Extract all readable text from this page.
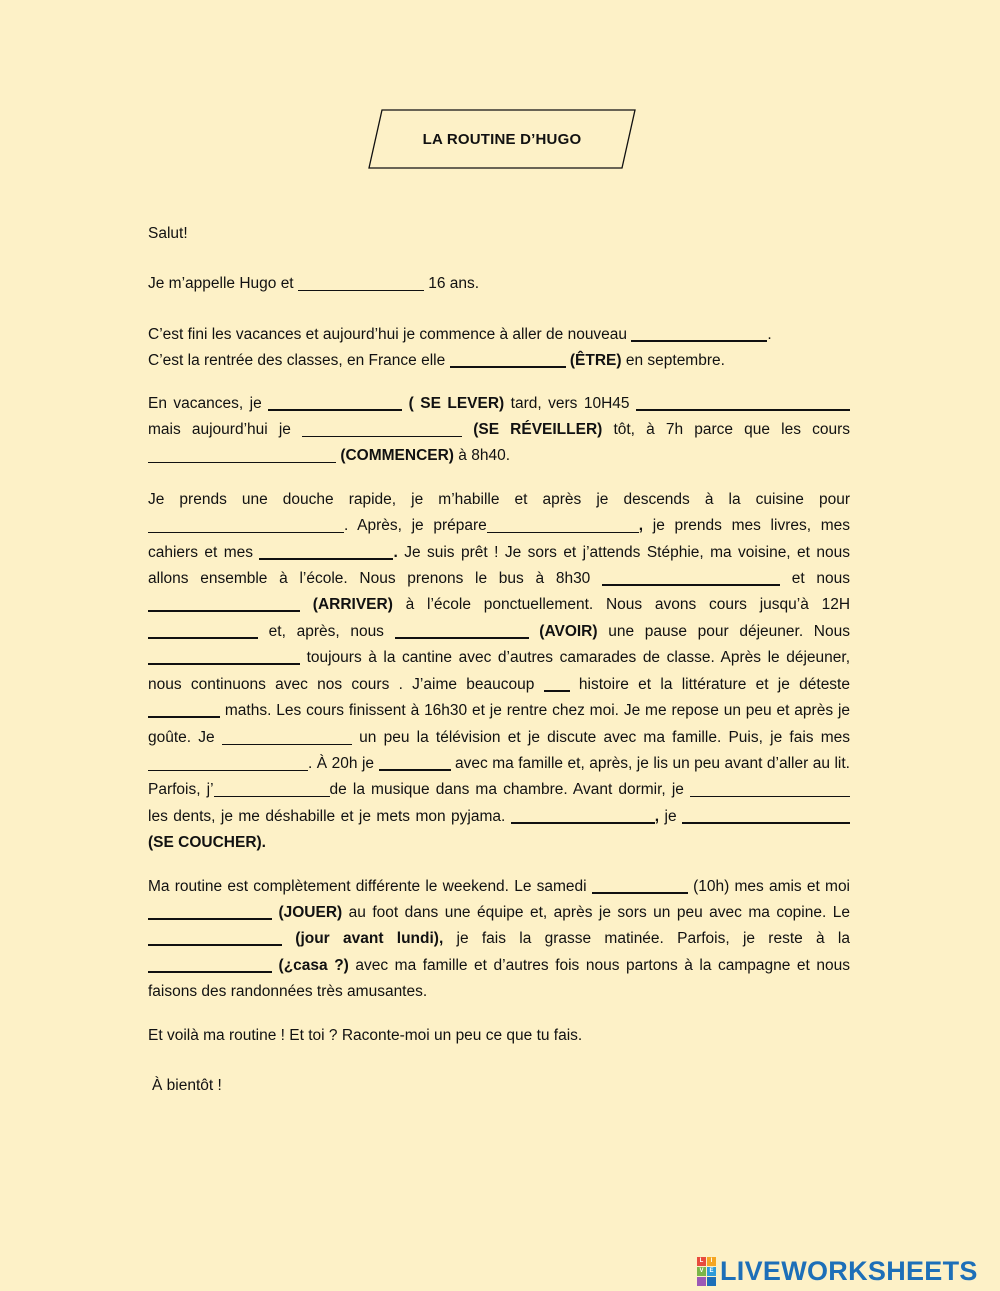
LA ROUTINE D’HUGO

Salut!

Je m’appelle Hugo et	16 ans.

C’est fini les vacances et aujourd’hui je commence à aller de nouveau	.
C’est la rentrée des classes, en France elle	(ÊTRE) en septembre.

En vacances, je	( SE LEVER) tard, vers 10H45  mais aujourd’hui je	(SE RÉVEILLER) tôt, à 7h parce que les cours  (COMMENCER) à 8h40.

Je prends une douche rapide, je m’habille et après je descends à la cuisine pour . Après, je prépare	, je prends mes livres, mes cahiers et mes	. Je suis prêt ! Je sors et j’attends Stéphie, ma voisine, et nous allons ensemble à l’école. Nous prenons le bus à 8h30	et nous  (ARRIVER) à l’école ponctuellement. Nous avons cours jusqu’à 12H  et, après, nous	(AVOIR) une pause pour déjeuner. Nous  toujours à la cantine avec d’autres camarades de classe. Après le déjeuner, nous continuons avec nos cours . J’aime beaucoup	histoire et la littérature et je déteste  maths. Les cours finissent à 16h30 et je rentre chez moi. Je me repose un peu et après je goûte. Je	un peu la télévision et je discute avec ma famille. Puis, je fais mes . À 20h je	avec ma famille et, après, je lis un peu avant d’aller au lit. Parfois, j’	de la musique dans ma chambre. Avant dormir, je  les dents, je me déshabille et je mets mon pyjama.	, je  (SE COUCHER).

Ma routine est complètement différente le weekend. Le samedi	(10h) mes amis et moi  (JOUER) au foot dans une équipe et, après je sors un peu avec ma copine. Le  (jour avant lundi), je fais la grasse matinée. Parfois, je reste à la  (¿casa ?) avec ma famille et d’autres fois nous partons à la campagne et nous faisons des randonnées très amusantes.

Et voilà ma routine ! Et toi ? Raconte-moi un peu ce que tu fais.

À bientôt !

L	I
V E LIVEWORKSHEETS
